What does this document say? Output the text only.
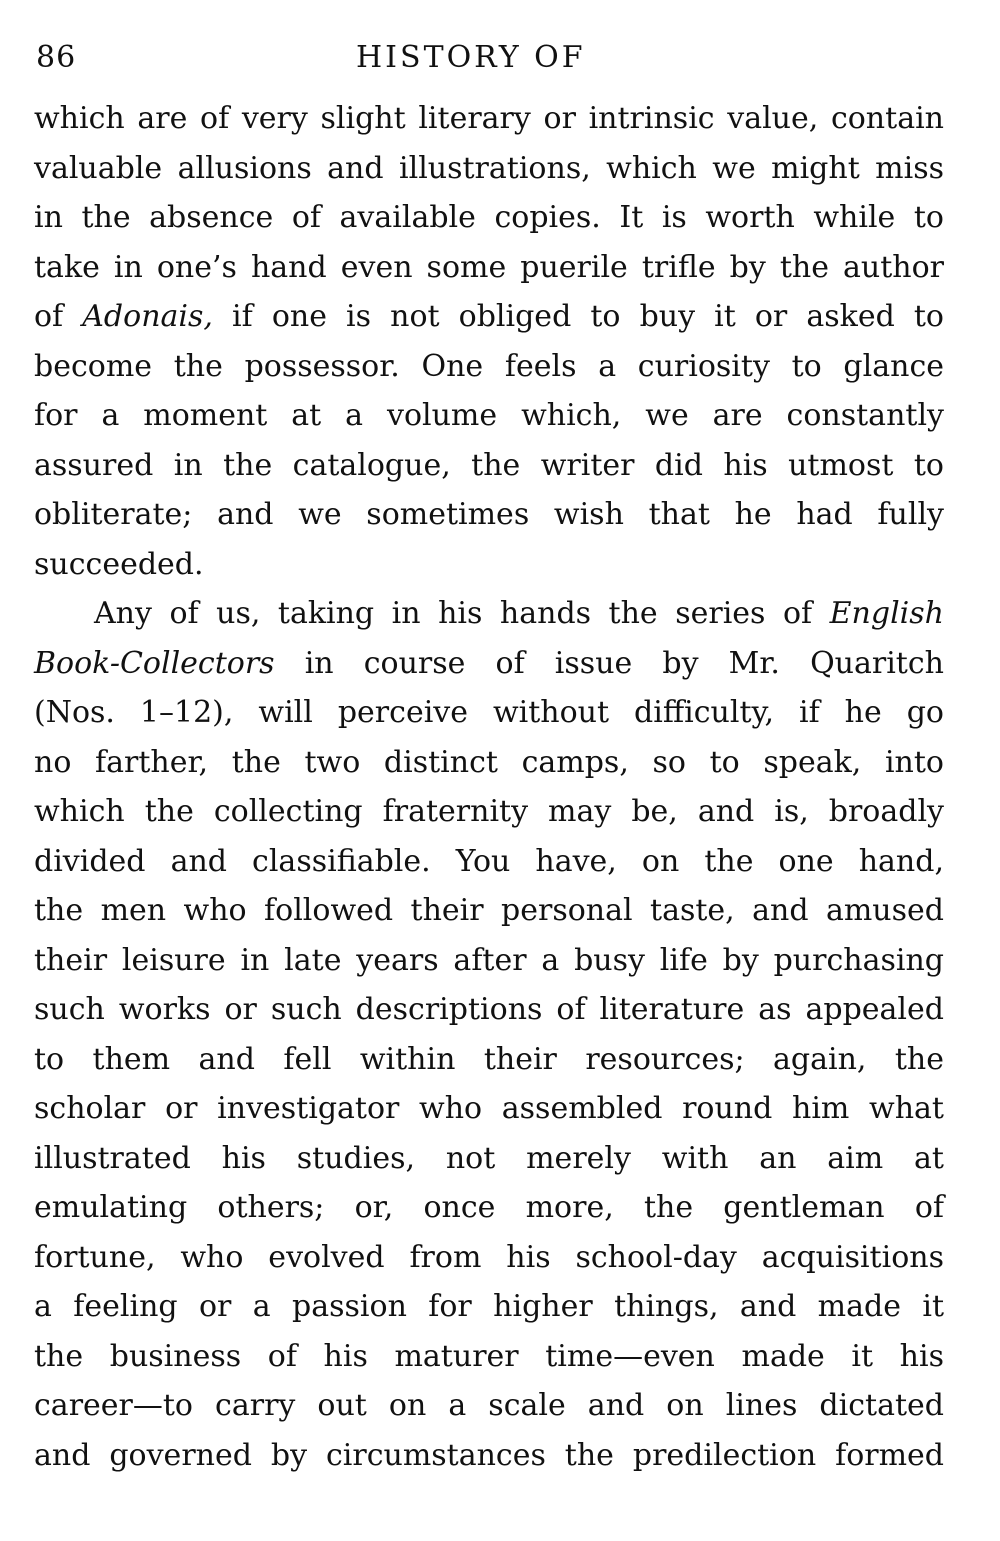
86	HISTORY OF

which are of very slight literary or intrinsic value, contain
valuable allusions and illustrations, which we might miss
in the absence of available copies. It is worth while to
take in one’s hand even some puerile trifle by the author
of Adonais, if one is not obliged to buy it or asked to
become the possessor. One feels a curiosity to glance
for a moment at a volume which, we are constantly
assured in the catalogue, the writer did his utmost to
obliterate; and we sometimes wish that he had fully
succeeded.

Any of us, taking in his hands the series of English
Book-Collectors in course of issue by Mr. Quaritch
(Nos. 1–12), will perceive without difficulty, if he go
no farther, the two distinct camps, so to speak, into
which the collecting fraternity may be, and is, broadly
divided and classifiable. You have, on the one hand,
the men who followed their personal taste, and amused
their leisure in late years after a busy life by purchasing
such works or such descriptions of literature as appealed
to them and fell within their resources; again, the
scholar or investigator who assembled round him what
illustrated his studies, not merely with an aim at
emulating others; or, once more, the gentleman of
fortune, who evolved from his school-day acquisitions
a feeling or a passion for higher things, and made it
the business of his maturer time—even made it his
career—to carry out on a scale and on lines dictated
and governed by circumstances the predilection formed
